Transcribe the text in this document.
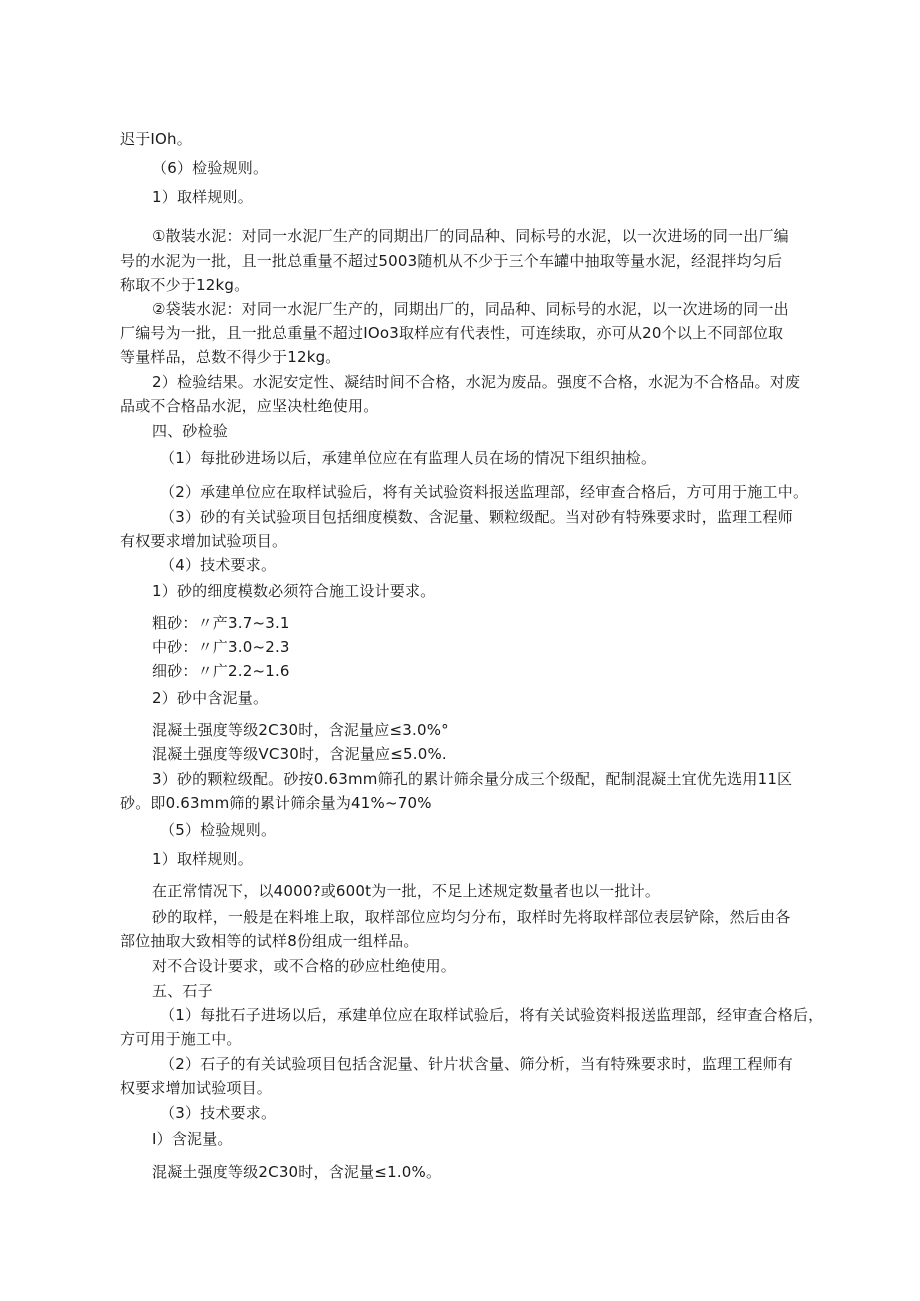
迟于IOh。
（6）检验规则。
1）取样规则。
①散装水泥：对同一水泥厂生产的同期出厂的同品种、同标号的水泥，以一次进场的同一出厂编
号的水泥为一批，且一批总重量不超过5003随机从不少于三个车罐中抽取等量水泥，经混拌均匀后
称取不少于12kg。
②袋装水泥：对同一水泥厂生产的，同期出厂的，同品种、同标号的水泥，以一次进场的同一出
厂编号为一批，且一批总重量不超过IOo3取样应有代表性，可连续取，亦可从20个以上不同部位取
等量样品，总数不得少于12kg。
2）检验结果。水泥安定性、凝结时间不合格，水泥为废品。强度不合格，水泥为不合格品。对废
品或不合格品水泥，应坚决杜绝使用。
四、砂检验
（1）每批砂进场以后，承建单位应在有监理人员在场的情况下组织抽检。
（2）承建单位应在取样试验后，将有关试验资料报送监理部，经审查合格后，方可用于施工中。
（3）砂的有关试验项目包括细度模数、含泥量、颗粒级配。当对砂有特殊要求时，监理工程师
有权要求增加试验项目。
（4）技术要求。
1）砂的细度模数必须符合施工设计要求。
粗砂：〃产3.7~3.1
中砂：〃广3.0~2.3
细砂：〃广2.2~1.6
2）砂中含泥量。
混凝土强度等级2C30时，含泥量应≤3.0%°
混凝土强度等级VC30时，含泥量应≤5.0%.
3）砂的颗粒级配。砂按0.63mm筛孔的累计筛余量分成三个级配，配制混凝土宜优先选用11区
砂。即0.63mm筛的累计筛余量为41%~70%
（5）检验规则。
1）取样规则。
在正常情况下，以4000?或600t为一批，不足上述规定数量者也以一批计。
砂的取样，一般是在料堆上取，取样部位应均匀分布，取样时先将取样部位表层铲除，然后由各
部位抽取大致相等的试样8份组成一组样品。
对不合设计要求，或不合格的砂应杜绝使用。
五、石子
（1）每批石子进场以后，承建单位应在取样试验后，将有关试验资料报送监理部，经审查合格后，
方可用于施工中。
（2）石子的有关试验项目包括含泥量、针片状含量、筛分析，当有特殊要求时，监理工程师有
权要求增加试验项目。
（3）技术要求。
I）含泥量。
混凝土强度等级2C30时，含泥量≤1.0%。
